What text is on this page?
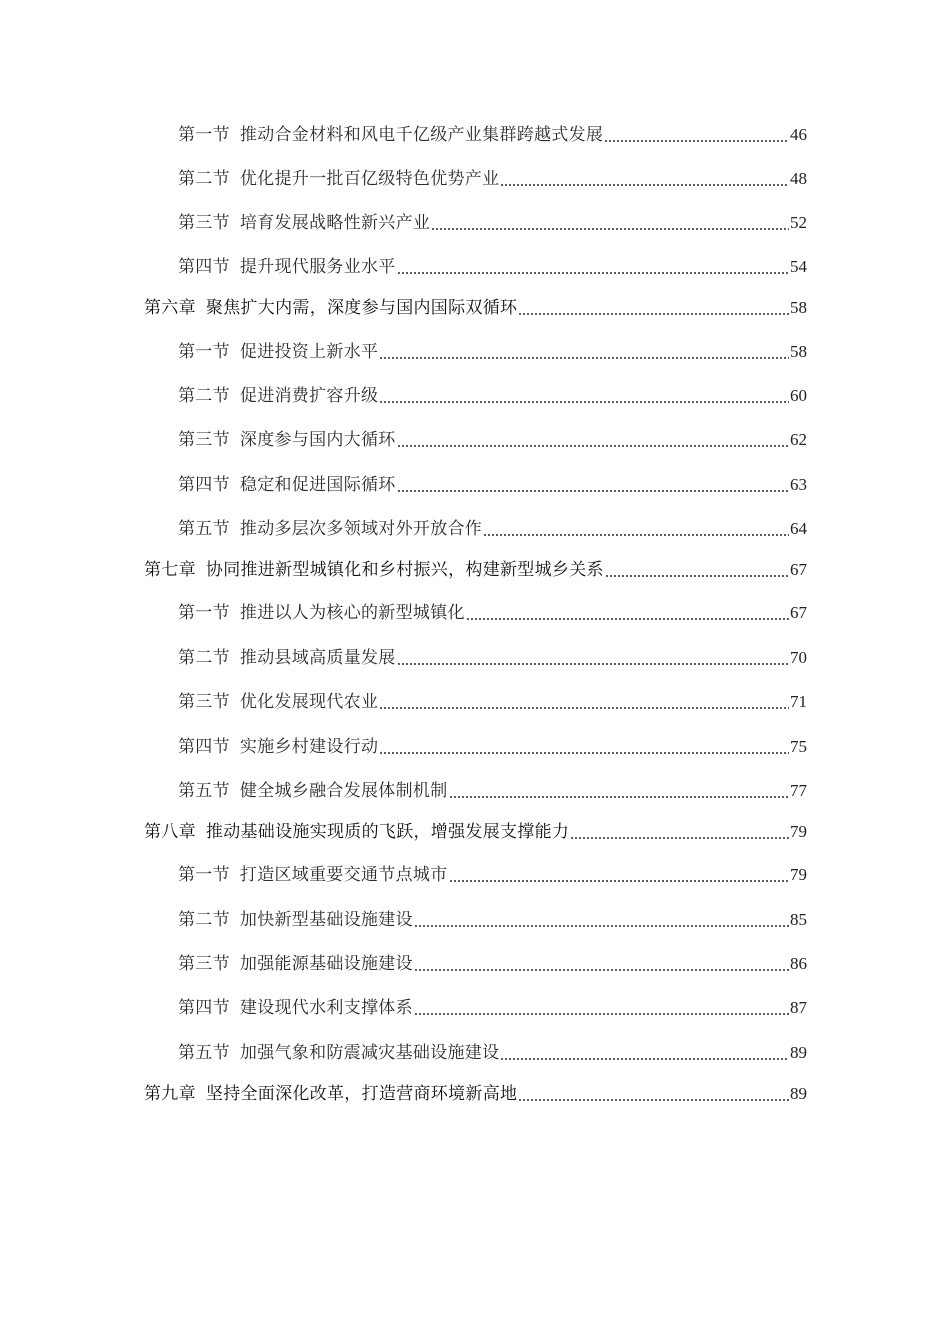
第一节 推动合金材料和风电千亿级产业集群跨越式发展	46
第二节 优化提升一批百亿级特色优势产业	48
第三节 培育发展战略性新兴产业	52
第四节 提升现代服务业水平	54
第六章 聚焦扩大内需，深度参与国内国际双循环	58
第一节 促进投资上新水平	58
第二节 促进消费扩容升级	60
第三节 深度参与国内大循环	62
第四节 稳定和促进国际循环	63
第五节 推动多层次多领域对外开放合作	64
第七章 协同推进新型城镇化和乡村振兴，构建新型城乡关系	67
第一节 推进以人为核心的新型城镇化	67
第二节 推动县域高质量发展	70
第三节 优化发展现代农业	71
第四节 实施乡村建设行动	75
第五节 健全城乡融合发展体制机制	77
第八章 推动基础设施实现质的飞跃，增强发展支撑能力	79
第一节 打造区域重要交通节点城市	79
第二节 加快新型基础设施建设	85
第三节 加强能源基础设施建设	86
第四节 建设现代水利支撑体系	87
第五节 加强气象和防震减灾基础设施建设	89
第九章 坚持全面深化改革，打造营商环境新高地	89
